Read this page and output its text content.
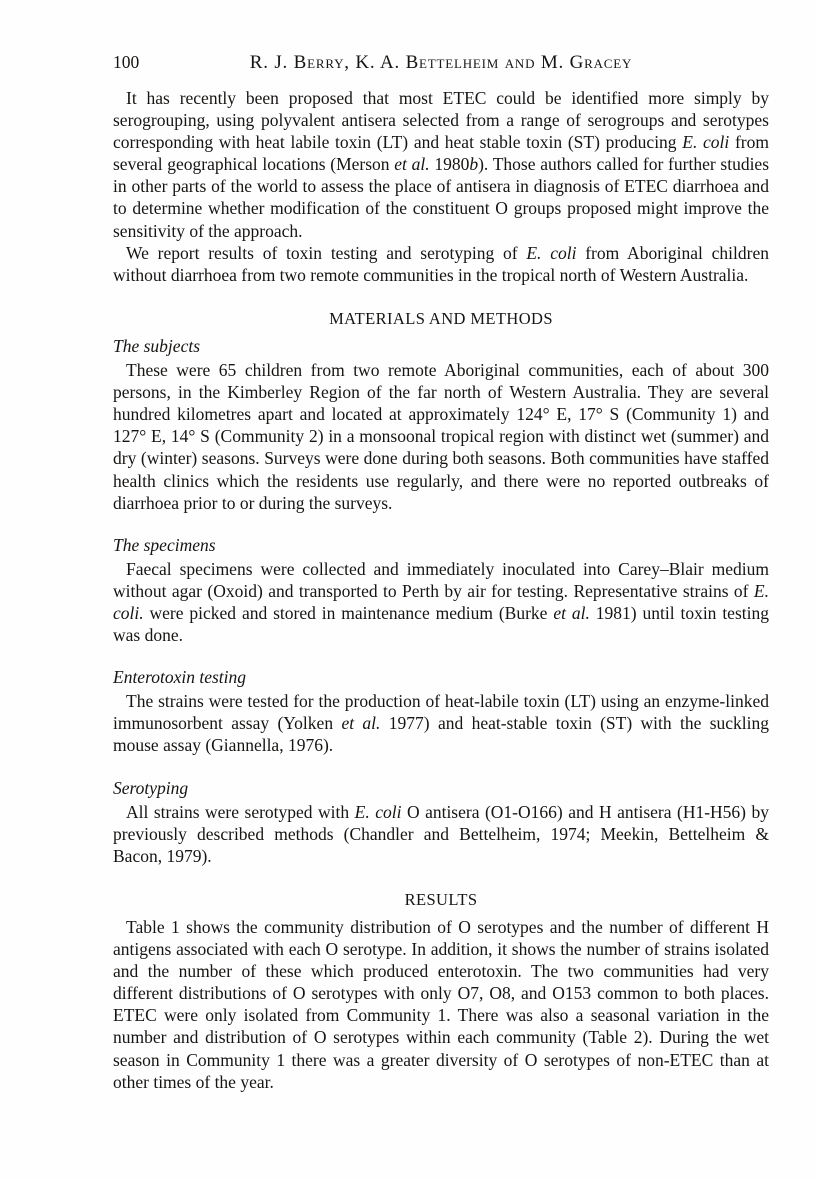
100	R. J. Berry, K. A. Bettelheim and M. Gracey

It has recently been proposed that most ETEC could be identified more simply by serogrouping, using polyvalent antisera selected from a range of serogroups and serotypes corresponding with heat labile toxin (LT) and heat stable toxin (ST) producing E. coli from several geographical locations (Merson et al. 1980b). Those authors called for further studies in other parts of the world to assess the place of antisera in diagnosis of ETEC diarrhoea and to determine whether modification of the constituent O groups proposed might improve the sensitivity of the approach.

We report results of toxin testing and serotyping of E. coli from Aboriginal children without diarrhoea from two remote communities in the tropical north of Western Australia.

MATERIALS AND METHODS
The subjects

These were 65 children from two remote Aboriginal communities, each of about 300 persons, in the Kimberley Region of the far north of Western Australia. They are several hundred kilometres apart and located at approximately 124° E, 17° S (Community 1) and 127° E, 14° S (Community 2) in a monsoonal tropical region with distinct wet (summer) and dry (winter) seasons. Surveys were done during both seasons. Both communities have staffed health clinics which the residents use regularly, and there were no reported outbreaks of diarrhoea prior to or during the surveys.

The specimens

Faecal specimens were collected and immediately inoculated into Carey–Blair medium without agar (Oxoid) and transported to Perth by air for testing. Representative strains of E. coli. were picked and stored in maintenance medium (Burke et al. 1981) until toxin testing was done.

Enterotoxin testing

The strains were tested for the production of heat-labile toxin (LT) using an enzyme-linked immunosorbent assay (Yolken et al. 1977) and heat-stable toxin (ST) with the suckling mouse assay (Giannella, 1976).

Serotyping

All strains were serotyped with E. coli O antisera (O1-O166) and H antisera (H1-H56) by previously described methods (Chandler and Bettelheim, 1974; Meekin, Bettelheim & Bacon, 1979).

RESULTS

Table 1 shows the community distribution of O serotypes and the number of different H antigens associated with each O serotype. In addition, it shows the number of strains isolated and the number of these which produced enterotoxin. The two communities had very different distributions of O serotypes with only O7, O8, and O153 common to both places. ETEC were only isolated from Community 1. There was also a seasonal variation in the number and distribution of O serotypes within each community (Table 2). During the wet season in Community 1 there was a greater diversity of O serotypes of non-ETEC than at other times of the year.
